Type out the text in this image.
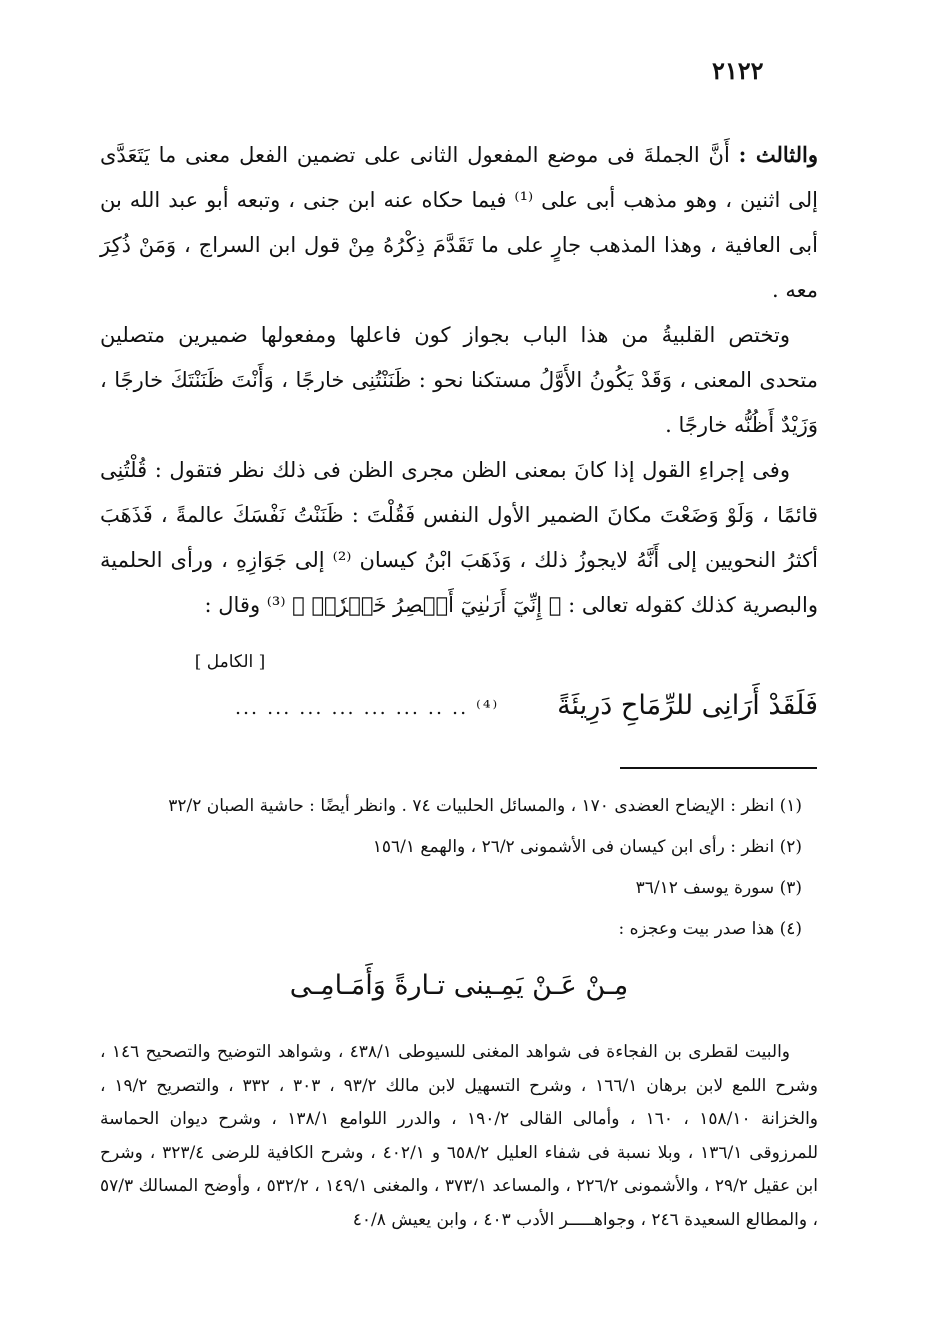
٢١٢٢

والثالث : أَنَّ الجملةَ فى موضع المفعول الثانى على تضمين الفعل معنى ما يَتَعَدَّى إلى اثنين ، وهو مذهب أبى على ⁽¹⁾ فيما حكاه عنه ابن جنى ، وتبعه أبو عبد الله بن أبى العافية ، وهذا المذهب جارٍ على ما تَقَدَّمَ ذِكْرُهُ مِنْ قول ابن السراج ، وَمَنْ ذُكِرَ معه .

وتختص القلبيةُ من هذا الباب بجواز كون فاعلها ومفعولها ضميرين متصلين متحدى المعنى ، وَقَدْ يَكُونُ الأَوَّلُ مستكنا نحو : ظَنَنْتُنِى خارجًا ، وَأَنْتَ ظَنَنْتَكَ خارجًا ، وَزَيْدٌ أَظُنُّه خارجًا .

وفى إجراءِ القول إذا كانَ بمعنى الظن مجرى الظن فى ذلك نظر فتقول : قُلْتُنِى قائمًا ، وَلَوْ وَضَعْتَ مكانَ الضمير الأول النفس فَقُلْتَ : ظَنَنْتُ نَفْسَكَ عالمةً ، فَذَهَبَ أكثرُ النحويين إلى أَنَّهُ لايجوزُ ذلك ، وَذَهَبَ ابْنُ كيسان ⁽²⁾ إلى جَوَازِهِ ، ورأى الحلمية والبصرية كذلك كقوله تعالى : ﴿ إِنِّيٓ أَرَىٰنِيٓ أَعۡصِرُ خَمۡرٗاۖ ﴾ ⁽³⁾ وقال :

[ الكامل ]
فَلَقَدْ أَرَانِى للرِّمَاحِ دَرِيئَةً⁽⁴⁾ .. .. ... ... ... ... ... ...

(١) انظر : الإيضاح العضدى ١٧٠ ، والمسائل الحلبيات ٧٤ . وانظر أيضًا : حاشية الصبان ٣٢/٢

(٢) انظر : رأى ابن كيسان فى الأشمونى ٢٦/٢ ، والهمع ١٥٦/١

(٣) سورة يوسف ٣٦/١٢

(٤) هذا صدر بيت وعجزه :

مِـنْ عَـنْ يَمِـينى تـارةً وَأَمَـامِـى

والبيت لقطرى بن الفجاءة فى شواهد المغنى للسيوطى ٤٣٨/١ ، وشواهد التوضيح والتصحيح ١٤٦ ، وشرح اللمع لابن برهان ١٦٦/١ ، وشرح التسهيل لابن مالك ٩٣/٢ ، ٣٠٣ ، ٣٣٢ ، والتصريح ١٩/٢ ، والخزانة ١٥٨/١٠ ، ١٦٠ ، وأمالى القالى ١٩٠/٢ ، والدرر اللوامع ١٣٨/١ ، وشرح ديوان الحماسة للمرزوقى ١٣٦/١ ، وبلا نسبة فى شفاء العليل ٦٥٨/٢ و ٤٠٢/١ ، وشرح الكافية للرضى ٣٢٣/٤ ، وشرح ابن عقيل ٢٩/٢ ، والأشمونى ٢٢٦/٢ ، والمساعد ٣٧٣/١ ، والمغنى ١٤٩/١ ، ٥٣٢/٢ ، وأوضح المسالك ٥٧/٣ ، والمطالع السعيدة ٢٤٦ ، وجواهـــــر الأدب ٤٠٣ ، وابن يعيش ٤٠/٨
